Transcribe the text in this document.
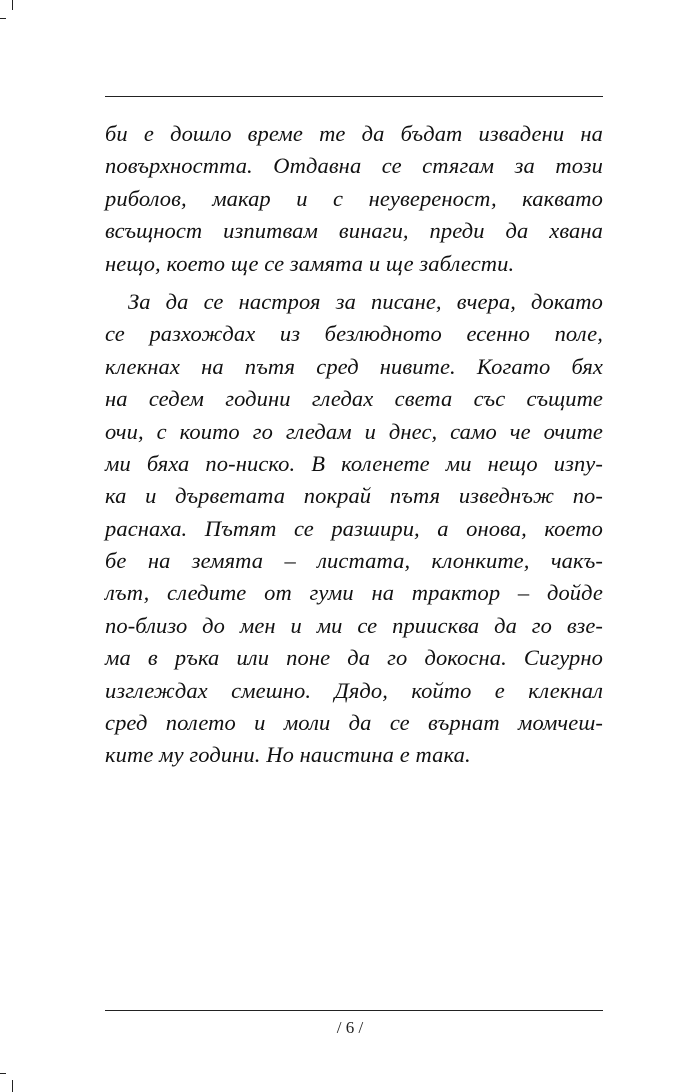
би е дошло време те да бъдат извадени на
повърхността. Отдавна се стягам за този
риболов, макар и с неувереност, каквато
всъщност изпитвам винаги, преди да хвана
нещо, което ще се замята и ще заблести.
За да се настроя за писане, вчера, докато
се разхождах из безлюдното есенно поле,
клекнах на пътя сред нивите. Когато бях
на седем години гледах света със същите
очи, с които го гледам и днес, само че очите
ми бяха по-ниско. В коленете ми нещо изпу-
ка и дърветата покрай пътя изведнъж по-
раснаха. Пътят се разшири, а онова, което
бе на земята – листата, клонките, чакъ-
лът, следите от гуми на трактор – дойде
по-близо до мен и ми се приисква да го взе-
ма в ръка или поне да го докосна. Сигурно
изглеждах смешно. Дядо, който е клекнал
сред полето и моли да се върнат момчеш-
ките му години. Но наистина е така.
/ 6 /
